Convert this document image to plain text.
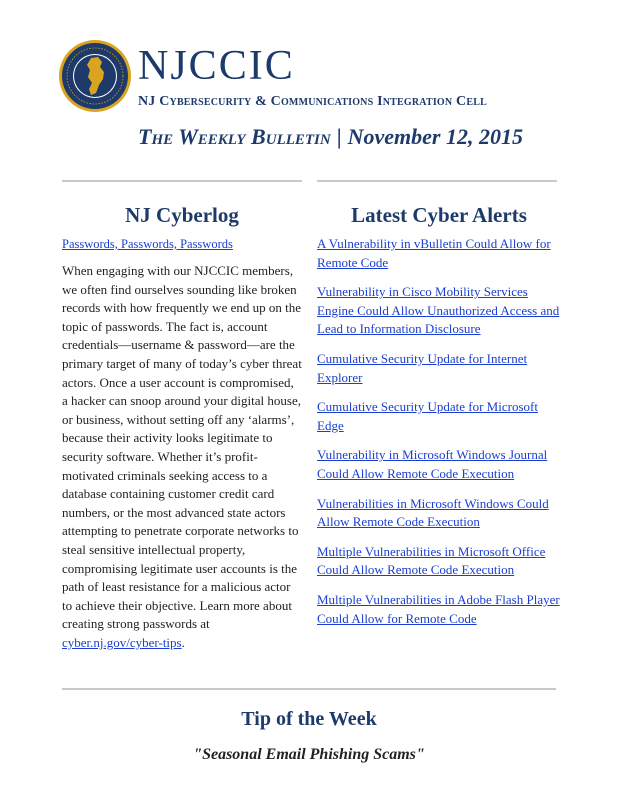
NJCCIC
NJ Cybersecurity & Communications Integration Cell
The Weekly Bulletin | November 12, 2015
NJ Cyberlog
Passwords, Passwords, Passwords
When engaging with our NJCCIC members, we often find ourselves sounding like broken records with how frequently we end up on the topic of passwords. The fact is, account credentials—username & password—are the primary target of many of today’s cyber threat actors. Once a user account is compromised, a hacker can snoop around your digital house, or business, without setting off any ‘alarms’, because their activity looks legitimate to security software. Whether it’s profit-motivated criminals seeking access to a database containing customer credit card numbers, or the most advanced state actors attempting to penetrate corporate networks to steal sensitive intellectual property, compromising legitimate user accounts is the path of least resistance for a malicious actor to achieve their objective. Learn more about creating strong passwords at cyber.nj.gov/cyber-tips.
Latest Cyber Alerts
A Vulnerability in vBulletin Could Allow for Remote Code
Vulnerability in Cisco Mobility Services Engine Could Allow Unauthorized Access and Lead to Information Disclosure
Cumulative Security Update for Internet Explorer
Cumulative Security Update for Microsoft Edge
Vulnerability in Microsoft Windows Journal Could Allow Remote Code Execution
Vulnerabilities in Microsoft Windows Could Allow Remote Code Execution
Multiple Vulnerabilities in Microsoft Office Could Allow Remote Code Execution
Multiple Vulnerabilities in Adobe Flash Player Could Allow for Remote Code
Tip of the Week
"Seasonal Email Phishing Scams"
